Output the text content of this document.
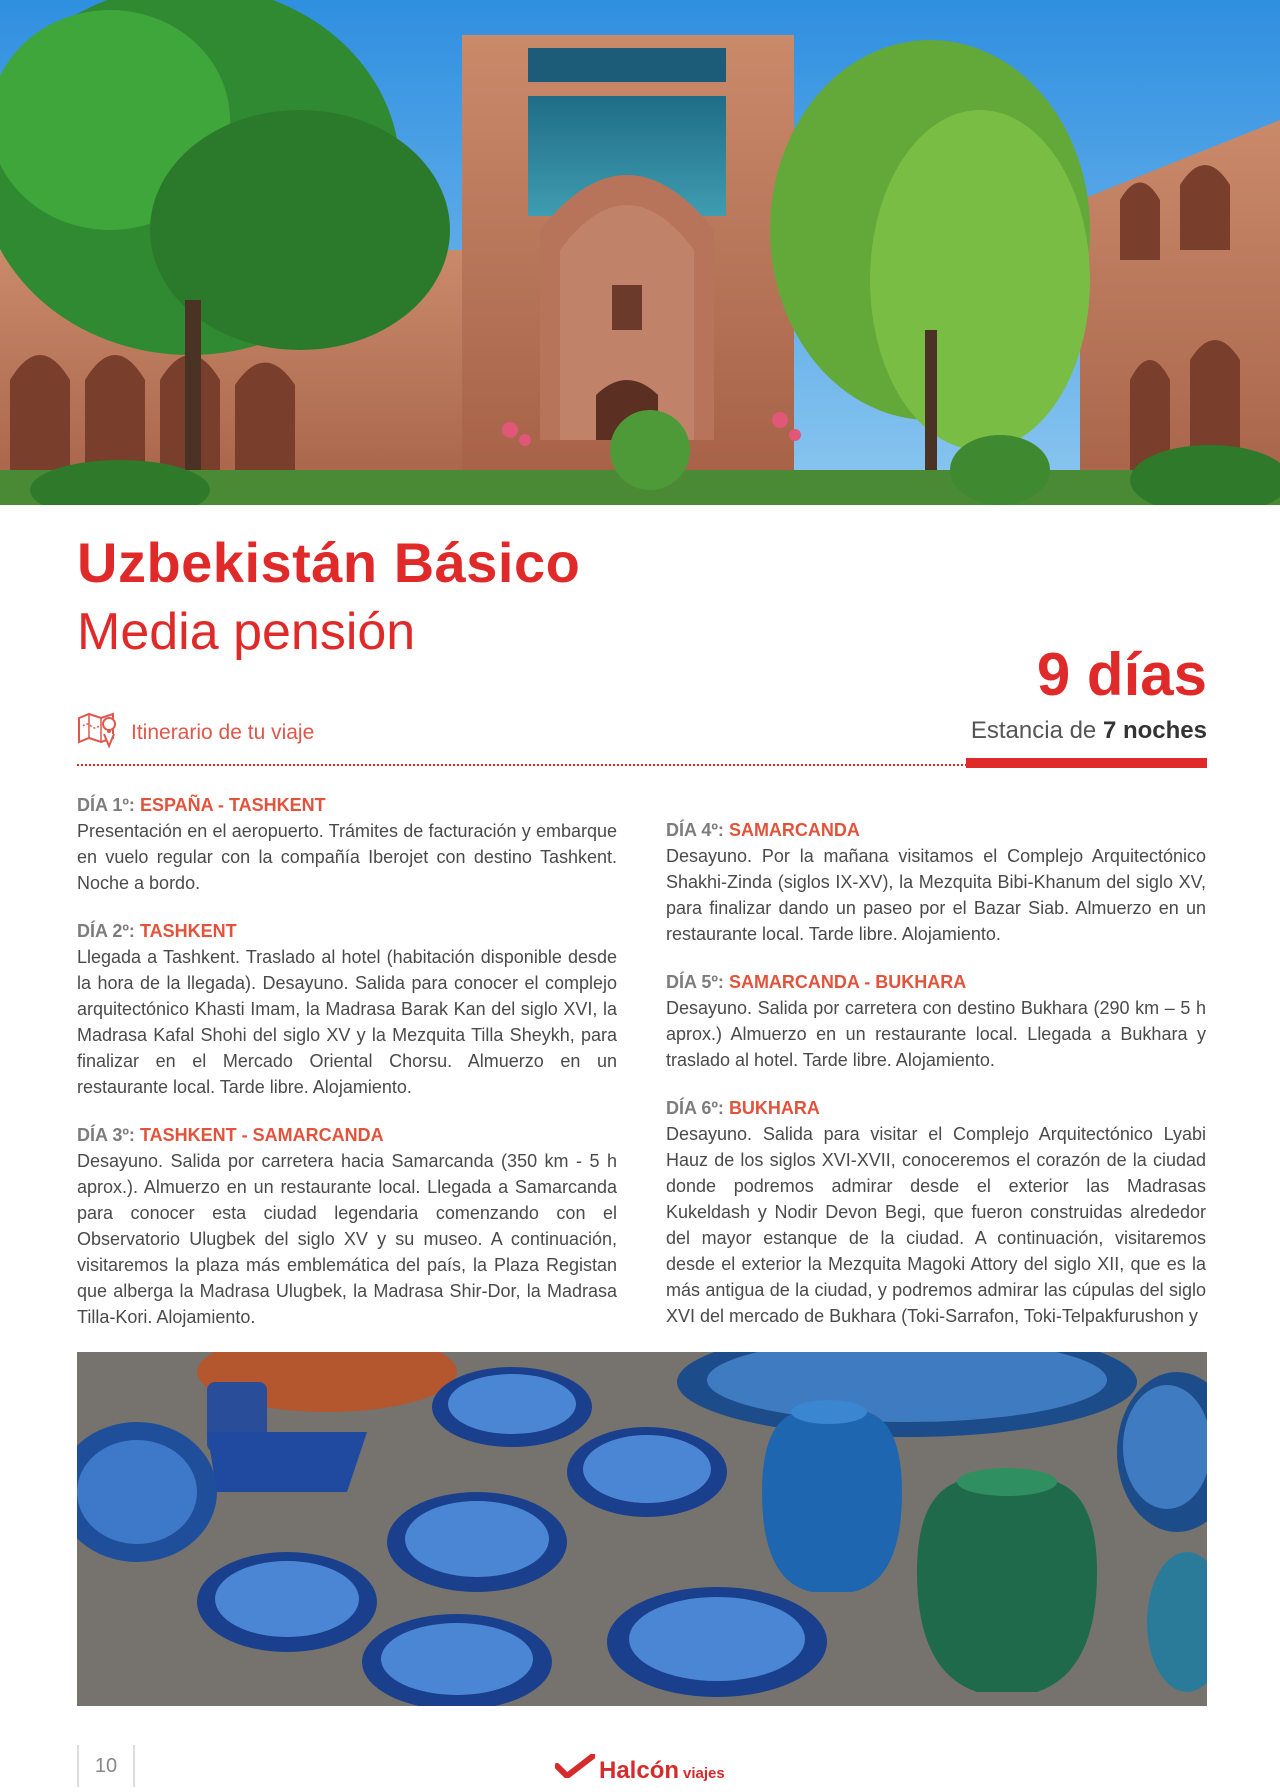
Uzbekistán Básico
Media pensión
9 días
Estancia de 7 noches
Itinerario de tu viaje
DÍA 1º: ESPAÑA - TASHKENT
Presentación en el aeropuerto. Trámites de facturación y embarque en vuelo regular con la compañía Iberojet con destino Tashkent. Noche a bordo.
DÍA 2º: TASHKENT
Llegada a Tashkent. Traslado al hotel (habitación disponible desde la hora de la llegada). Desayuno. Salida para conocer el complejo arquitectónico Khasti Imam, la Madrasa Barak Kan del siglo XVI, la Madrasa Kafal Shohi del siglo XV y la Mezquita Tilla Sheykh, para finalizar en el Mercado Oriental Chorsu. Almuerzo en un restaurante local. Tarde libre. Alojamiento.
DÍA 3º: TASHKENT - SAMARCANDA
Desayuno. Salida por carretera hacia Samarcanda (350 km - 5 h aprox.). Almuerzo en un restaurante local. Llegada a Samarcanda para conocer esta ciudad legendaria comenzando con el Observatorio Ulugbek del siglo XV y su museo. A continuación, visitaremos la plaza más emblemática del país, la Plaza Registan que alberga la Madrasa Ulugbek, la Madrasa Shir-Dor, la Madrasa Tilla-Kori. Alojamiento.
DÍA 4º: SAMARCANDA
Desayuno. Por la mañana visitamos el Complejo Arquitectónico Shakhi-Zinda (siglos IX-XV), la Mezquita Bibi-Khanum del siglo XV, para finalizar dando un paseo por el Bazar Siab. Almuerzo en un restaurante local. Tarde libre. Alojamiento.
DÍA 5º: SAMARCANDA - BUKHARA
Desayuno. Salida por carretera con destino Bukhara (290 km – 5 h aprox.) Almuerzo en un restaurante local. Llegada a Bukhara y traslado al hotel. Tarde libre. Alojamiento.
DÍA 6º: BUKHARA
Desayuno. Salida para visitar el Complejo Arquitectónico Lyabi Hauz de los siglos XVI-XVII, conoceremos el corazón de la ciudad donde podremos admirar desde el exterior las Madrasas Kukeldash y Nodir Devon Begi, que fueron construidas alrededor del mayor estanque de la ciudad. A continuación, visitaremos desde el exterior la Mezquita Magoki Attory del siglo XII, que es la más antigua de la ciudad, y podremos admirar las cúpulas del siglo XVI del mercado de Bukhara (Toki-Sarrafon, Toki-Telpakfurushon y
10	Halcón viajes
